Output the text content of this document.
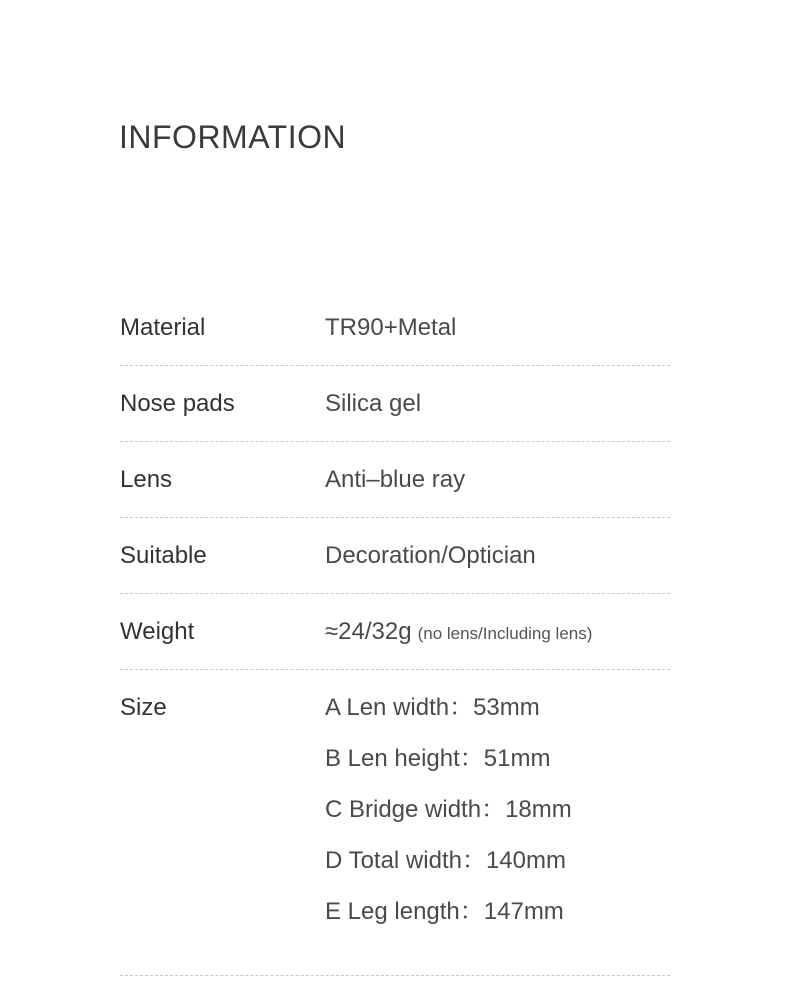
INFORMATION
Material	TR90+Metal
Nose pads	Silica gel
Lens	Anti–blue ray
Suitable	Decoration/Optician
Weight	≈24/32g (no lens/Including lens)
Size	A Len width：53mm
B Len height：51mm
C Bridge width：18mm
D Total width：140mm
E Leg length：147mm
